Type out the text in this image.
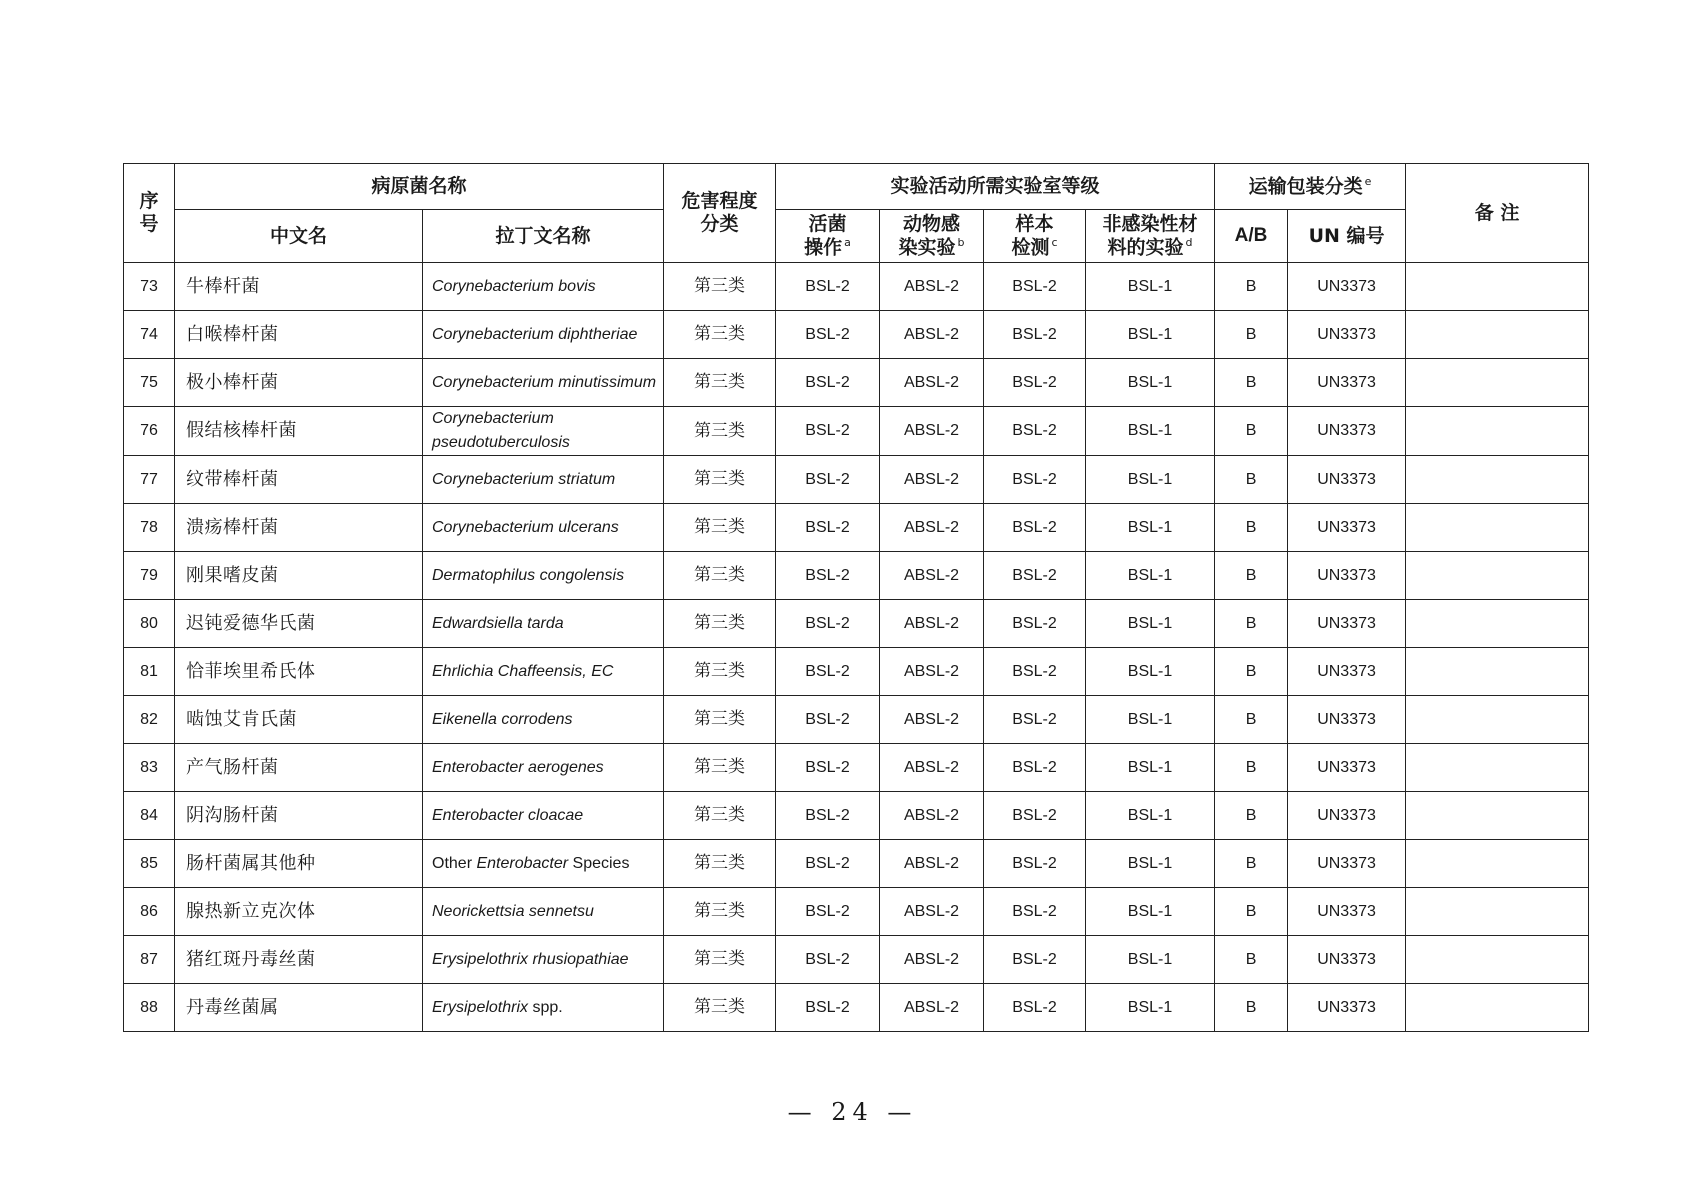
序号	病原菌名称		危害程度分类	实验活动所需实验室等级				运输包装分类 $^e$		备 注
	中文名	拉丁文名称		活菌操作 $^a$	动物感染实验 $^b$	样本检测 $^c$	非感染性材料的实验 $^d$	A/B	UN 编号	
73	牛棒杆菌	Corynebacterium bovis	第三类	BSL-2	ABSL-2	BSL-2	BSL-1	B	UN3373	
74	白喉棒杆菌	Corynebacterium diphtheriae	第三类	BSL-2	ABSL-2	BSL-2	BSL-1	B	UN3373	
75	极小棒杆菌	Corynebacterium minutissimum	第三类	BSL-2	ABSL-2	BSL-2	BSL-1	B	UN3373	
76	假结核棒杆菌	Corynebacterium pseudotuberculosis	第三类	BSL-2	ABSL-2	BSL-2	BSL-1	B	UN3373	
77	纹带棒杆菌	Corynebacterium striatum	第三类	BSL-2	ABSL-2	BSL-2	BSL-1	B	UN3373	
78	溃疡棒杆菌	Corynebacterium ulcerans	第三类	BSL-2	ABSL-2	BSL-2	BSL-1	B	UN3373	
79	刚果嗜皮菌	Dermatophilus congolensis	第三类	BSL-2	ABSL-2	BSL-2	BSL-1	B	UN3373	
80	迟钝爱德华氏菌	Edwardsiella tarda	第三类	BSL-2	ABSL-2	BSL-2	BSL-1	B	UN3373	
81	恰菲埃里希氏体	Ehrlichia Chaffeensis, EC	第三类	BSL-2	ABSL-2	BSL-2	BSL-1	B	UN3373	
82	啮蚀艾肯氏菌	Eikenella corrodens	第三类	BSL-2	ABSL-2	BSL-2	BSL-1	B	UN3373	
83	产气肠杆菌	Enterobacter aerogenes	第三类	BSL-2	ABSL-2	BSL-2	BSL-1	B	UN3373	
84	阴沟肠杆菌	Enterobacter cloacae	第三类	BSL-2	ABSL-2	BSL-2	BSL-1	B	UN3373	
85	肠杆菌属其他种	Other Enterobacter Species	第三类	BSL-2	ABSL-2	BSL-2	BSL-1	B	UN3373	
86	腺热新立克次体	Neorickettsia sennetsu	第三类	BSL-2	ABSL-2	BSL-2	BSL-1	B	UN3373	
87	猪红斑丹毒丝菌	Erysipelothrix rhusiopathiae	第三类	BSL-2	ABSL-2	BSL-2	BSL-1	B	UN3373	
88	丹毒丝菌属	Erysipelothrix spp.	第三类	BSL-2	ABSL-2	BSL-2	BSL-1	B	UN3373	
— 24 —
